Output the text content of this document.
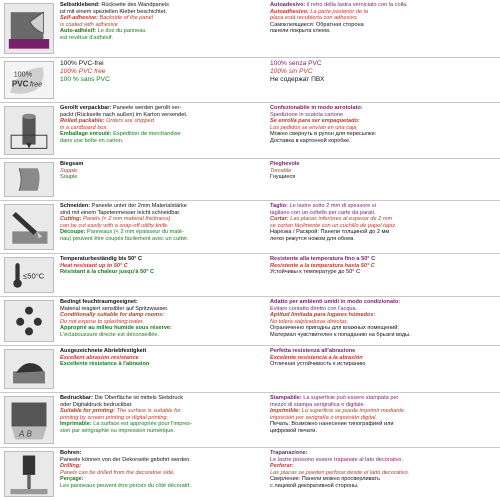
Selbstklebend: Rückseite des Wandpanels
ist mit einem speziellen Kleber beschichtet.
Self-adhesive: Backside of the panel
is coated with adhesive
Auto-adhésif: Le dos du panneau
est revêtue d'adhésif.
Autoadesivo: il retro della lastra verniciato con la colla.
Autoadhesivo: La parte posterior de la
placa está recubierta con adhesivo.
Самоклеящиеся: Обратная сторона
панели покрыта клеем.
100%
PVC free
100% PVC-frei
100% PVC free
100 % sans PVC
100% senza PVC
100% sin PVC
Не содержат ПВХ
Gerollt verpackbar: Paneele werden gerollt ver-
packt (Rückseite nach außen) im Karton versendet.
Rolled packable: Orders are shipped
in a cardboard box.
Emballage enroulé: Expédition de merchandise
dans une boîte en carton.
Confezionabile in modo arrotolato:
Spedizione in scatola cartone
Se enrolla para ser empaquetado:
Los pedidos se envían en una caja
Можно свернуть в рулон для пересылки:
Доставка в картонной коробке.
Biegsam
Supple
Souple
Pieghevole
Torcable
Гнущиеся
Schneiden: Paneele unter der 2mm Materialstärke
sind mit einem Tapetenmesser leicht schneidbar.
Cutting: Panels (< 2 mm material thickness)
can be cut easily with a snap-off utility knife.
Découpe: Panneaux (< 2 mm épaisseur du maté-
riau) peuvent être coupés facilement avec un cutter.
Taglio: Le lastre sotto 2 mm di spessore si
tagliano con un coltello per carte da parati.
Cortar: Las placas inferiores al espesor de 2 mm
se cortan fácilmente con un cuchillo de papel tapiz.
Нарезка / Раскрой: Панели толщиной до 2 мм
легко режутся ножом для обоев.
≤50°C
Temperaturbeständig bis 50° C
Heat resistant up to 50° C
Résistant à la chaleur jusqu'à 50° C
Resistente alla temperatura fino a 50° C
Resistente a la temperatura hasta 50° C
Устойчивы к температуре до 50° C
Bedingt feuchtraumgeeignet:
Material reagiert sensibler auf Spritzwasser.
Conditionally suitable for damp rooms:
Do not expose to splashing water.
Approprié au milieu humide sous réserve:
L'éclaboussure directe est déconseillée.
Adatto per ambienti umidi in modo condizionato:
Evitare contatto diretto con l'acqua.
Aptitud limitada para lugares húmedos:
No tolera salpicaduras directas.
Ограниченно пригодны для влажных помещений:
Материал чувствителен к попаданию на брызги воды.
Ausgezeichnete Abriebfestigkeit
Excellent abrasion resistance
Excellente résistance à l'abrasion
Perfetta resistenza all'abrasione
Excelente resistencia a la abrasión
Отличная устойчивость к истиранию
A B
Bedruckbar: Die Oberfläche ist mittels Siebdruck
oder Digitaldruck bedruckbar.
Suitable for printing: The surface is suitable for
printing by screen printing or digital printing.
Imprimable: La surface est appropriée pour l'impres-
sion par sérigraphie ou impression numérique.
Stampabile: La superficie può essere stampata per
mezzo di stampa serigrafica o digitale.
Imprimible: La superficie se puede imprimir mediante
impresión por serigrafía o impresión digital.
Печать: Возможно нанесение типографией или
цифровой печати.
Bohren:
Paneele können von der Dekorseite gebohrt werden.
Drilling:
Panels can be drilled from the decorative side.
Perçage:
Les panneaux peuvent être percés du côté décoratif.
Trapanazione:
Le lastre possono essere trapanate al lato decorativo.
Perforar:
Las placas se pueden perforar desde el lado decorativo.
Сверление: Панели можно просверливать
с лицевой декоративной стороны.
